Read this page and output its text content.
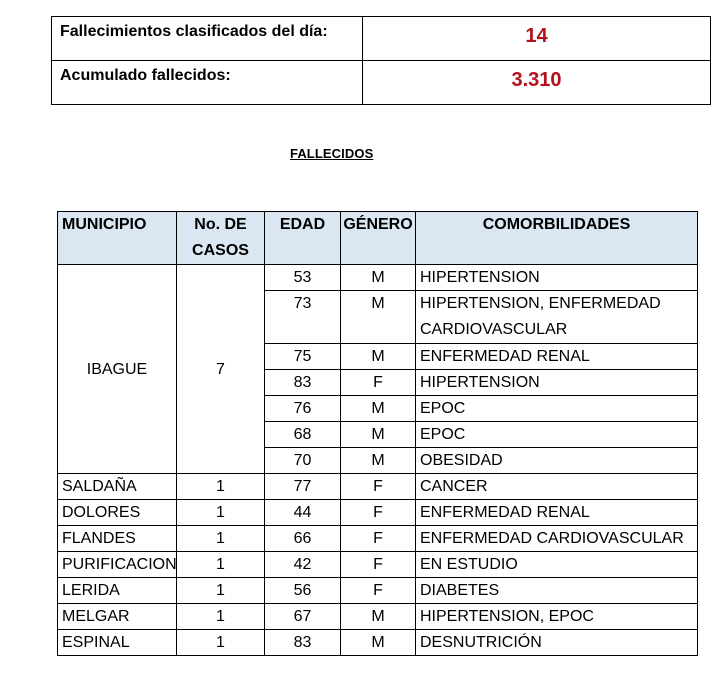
Fallecimientos clasificados del día:	14
Acumulado fallecidos:	3.310
FALLECIDOS
MUNICIPIO	No. DE CASOS	EDAD	GÉNERO	COMORBILIDADES
IBAGUE	7	53	M	HIPERTENSION
		73	M	HIPERTENSION, ENFERMEDAD CARDIOVASCULAR

		75	M	ENFERMEDAD RENAL
		83	F	HIPERTENSION
		76	M	EPOC
		68	M	EPOC
		70	M	OBESIDAD
SALDAÑA	1	77	F	CANCER
DOLORES	1	44	F	ENFERMEDAD RENAL
FLANDES	1	66	F	ENFERMEDAD CARDIOVASCULAR
PURIFICACION	1	42	F	EN ESTUDIO
LERIDA	1	56	F	DIABETES
MELGAR	1	67	M	HIPERTENSION, EPOC
ESPINAL	1	83	M	DESNUTRICIÓN
